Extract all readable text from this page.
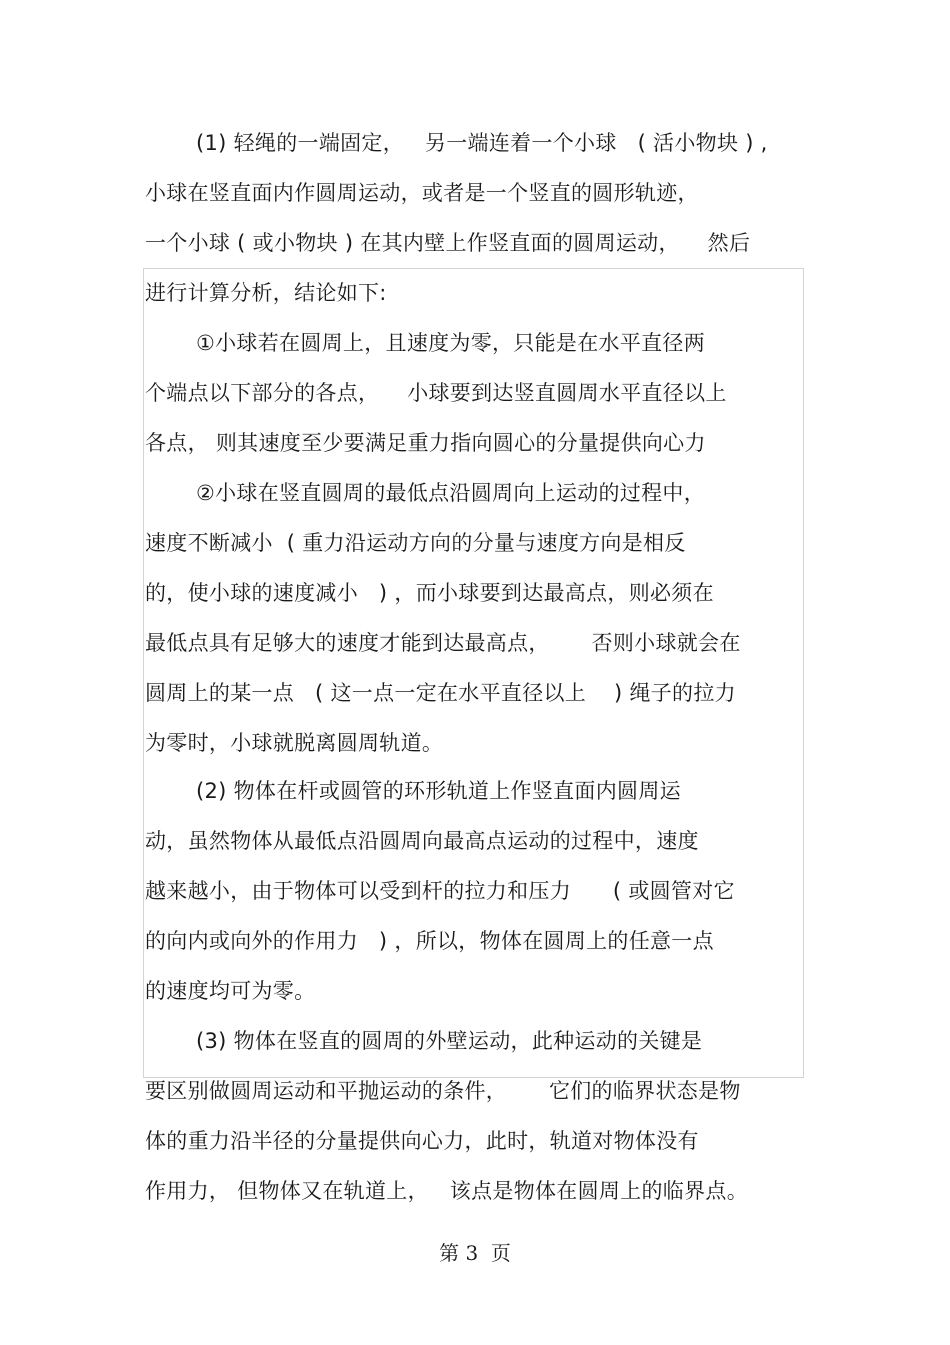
(1) 轻绳的一端固定，   另一端连着一个小球   ( 活小物块 ) ,
小球在竖直面内作圆周运动，或者是一个竖直的圆形轨迹，
一个小球 ( 或小物块 ) 在其内壁上作竖直面的圆周运动，    然后
进行计算分析，结论如下:
①小球若在圆周上，且速度为零，只能是在水平直径两
个端点以下部分的各点，    小球要到达竖直圆周水平直径以上
各点， 则其速度至少要满足重力指向圆心的分量提供向心力
②小球在竖直圆周的最低点沿圆周向上运动的过程中，
速度不断减小  ( 重力沿运动方向的分量与速度方向是相反
的，使小球的速度减小   ) ，而小球要到达最高点，则必须在
最低点具有足够大的速度才能到达最高点，      否则小球就会在
圆周上的某一点   ( 这一点一定在水平直径以上    ) 绳子的拉力
为零时，小球就脱离圆周轨道。
(2) 物体在杆或圆管的环形轨道上作竖直面内圆周运
动，虽然物体从最低点沿圆周向最高点运动的过程中，速度
越来越小，由于物体可以受到杆的拉力和压力      ( 或圆管对它
的向内或向外的作用力   ) ，所以，物体在圆周上的任意一点
的速度均可为零。
(3) 物体在竖直的圆周的外壁运动，此种运动的关键是
要区别做圆周运动和平抛运动的条件，      它们的临界状态是物
体的重力沿半径的分量提供向心力，此时，轨道对物体没有
作用力， 但物体又在轨道上，   该点是物体在圆周上的临界点。
第 3  页
